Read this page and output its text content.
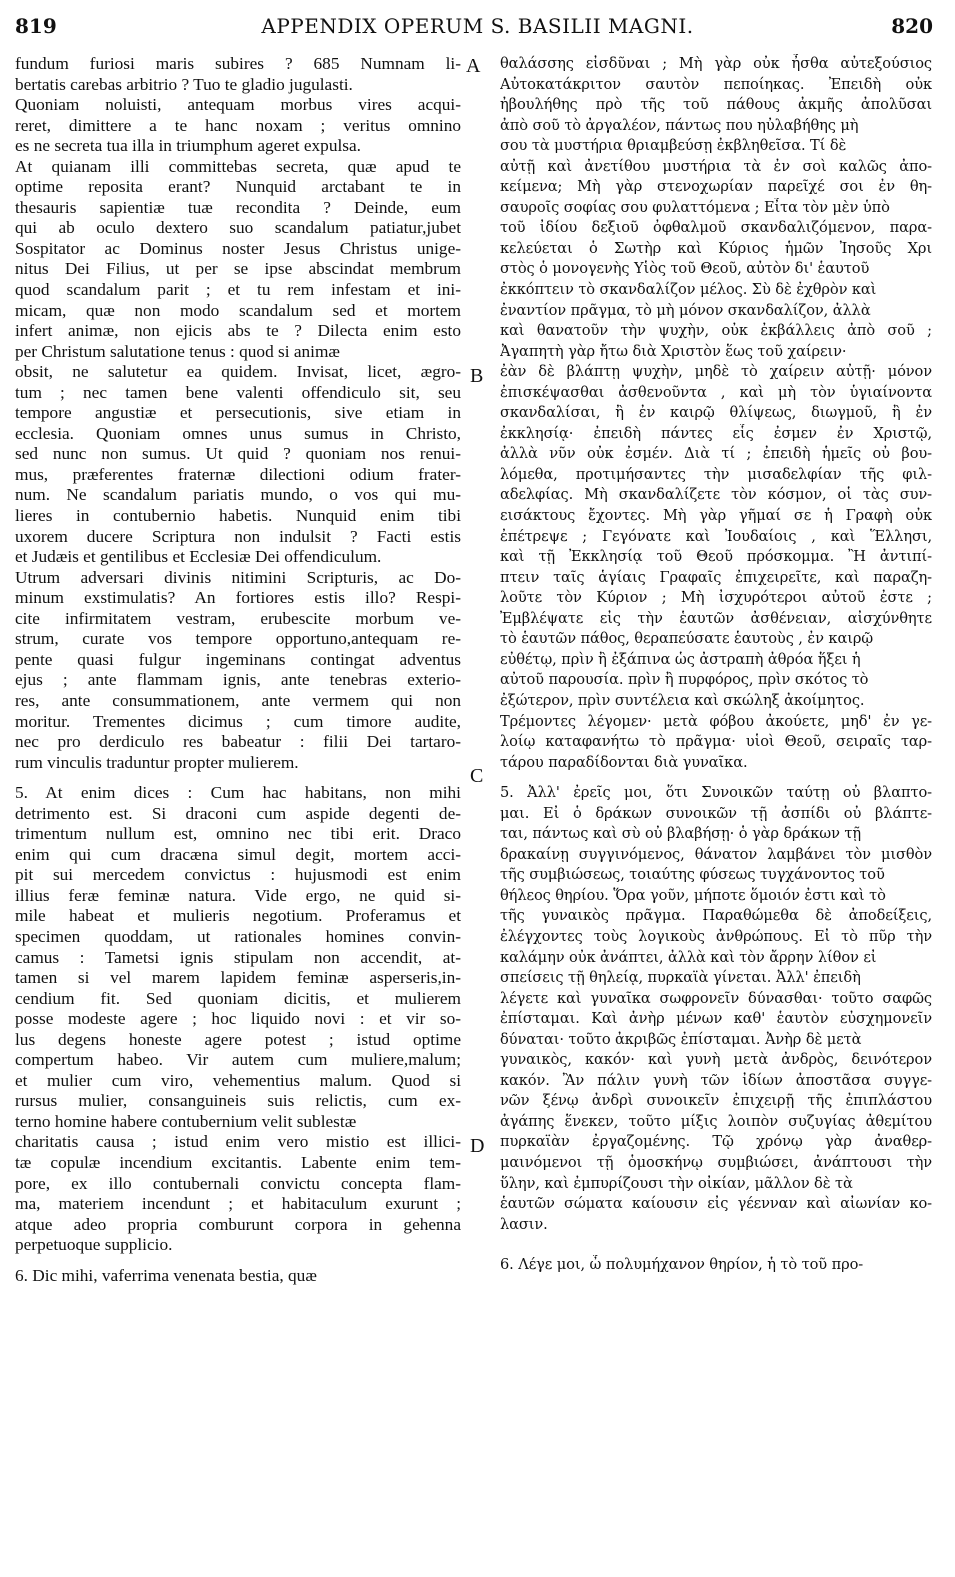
819	APPENDIX OPERUM S. BASILII MAGNI.	820
fundum furiosi maris subires ? 685 Numnam li-
bertatis carebas arbitrio ? Tuo te gladio jugulasti.
Quoniam noluisti, antequam morbus vires acqui-
reret, dimittere a te hanc noxam ; veritus omnino
es ne secreta tua illa in triumphum ageret expulsa.
At quianam illi committebas secreta, quæ apud te
optime reposita erant? Nunquid arctabant te in
thesauris sapientiæ tuæ recondita ? Deinde, eum
qui ab oculo dextero suo scandalum patiatur,jubet
Sospitator ac Dominus noster Jesus Christus unige-
nitus Dei Filius, ut per se ipse abscindat membrum
quod scandalum parit ; et tu rem infestam et ini-
micam, quæ non modo scandalum sed et mortem
infert animæ, non ejicis abs te ? Dilecta enim esto
per Christum salutatione tenus : quod si animæ
obsit, ne salutetur ea quidem. Invisat, licet, ægro-
tum ; nec tamen bene valenti offendiculo sit, seu
tempore angustiæ et persecutionis, sive etiam in
ecclesia. Quoniam omnes unus sumus in Christo,
sed nunc non sumus. Ut quid ? quoniam nos renui-
mus, præferentes fraternæ dilectioni odium frater-
num. Ne scandalum pariatis mundo, o vos qui mu-
lieres in contubernio habetis. Nunquid enim tibi
uxorem ducere Scriptura non indulsit ? Facti estis
et Judæis et gentilibus et Ecclesiæ Dei offendiculum.
Utrum adversari divinis nitimini Scripturis, ac Do-
minum exstimulatis? An fortiores estis illo? Respi-
cite infirmitatem vestram, erubescite morbum ve-
strum, curate vos tempore opportuno,antequam re-
pente quasi fulgur ingeminans contingat adventus
ejus ; ante flammam ignis, ante tenebras exterio-
res, ante consummationem, ante vermem qui non
moritur. Trementes dicimus ; cum timore audite,
nec pro derdiculo res babeatur : filii Dei tartaro-
rum vinculis traduntur propter mulierem.
5. At enim dices : Cum hac habitans, non mihi
detrimento est. Si draconi cum aspide degenti de-
trimentum nullum est, omnino nec tibi erit. Draco
enim qui cum dracæna simul degit, mortem acci-
pit sui mercedem convictus : hujusmodi est enim
illius feræ feminæ natura. Vide ergo, ne quid si-
mile habeat et mulieris negotium. Proferamus et
specimen quoddam, ut rationales homines convin-
camus : Tametsi ignis stipulam non accendit, at-
tamen si vel marem lapidem feminæ asperseris,in-
cendium fit. Sed quoniam dicitis, et mulierem
posse modeste agere ; hoc liquido novi : et vir so-
lus degens honeste agere potest ; istud optime
compertum habeo. Vir autem cum muliere,malum;
et mulier cum viro, vehementius malum. Quod si
rursus mulier, consanguineis suis relictis, cum ex-
terno homine habere contubernium velit sublestæ
charitatis causa ; istud enim vero mistio est illici-
tæ copulæ incendium excitantis. Labente enim tem-
pore, ex illo contubernali convictu concepta flam-
ma, materiem incendunt ; et habitaculum exurunt ;
atque adeo propria comburunt corpora in gehenna
perpetuoque supplicio.
6. Dic mihi, vaferrima venenata bestia, quæ
θαλάσσης εἰσδῦναι ; Μὴ γὰρ οὐκ ἦσθα αὐτεξούσιος
Αὐτοκατάκριτον σαυτὸν πεποίηκας. Ἐπειδὴ οὐκ
ἠβουλήθης πρὸ τῆς τοῦ πάθους ἀκμῆς ἀπολῦσαι
ἀπὸ σοῦ τὸ ἀργαλέον, πάντως που ηὐλαβήθης μὴ
σου τὰ μυστήρια θριαμβεύσῃ ἐκβληθεῖσα. Τί δὲ
αὐτῇ καὶ ἀνετίθου μυστήρια τὰ ἐν σοὶ καλῶς ἀπο-
κείμενα; Μὴ γὰρ στενοχωρίαν παρεῖχέ σοι ἐν θη-
σαυροῖς σοφίας σου φυλαττόμενα ; Εἶτα τὸν μὲν ὑπὸ
τοῦ ἰδίου δεξιοῦ ὀφθαλμοῦ σκανδαλιζόμενον, παρα-
κελεύεται ὁ Σωτὴρ καὶ Κύριος ἡμῶν Ἰησοῦς Χρι
στὸς ὁ μονογενὴς Υἱὸς τοῦ Θεοῦ, αὐτὸν δι' ἑαυτοῦ
ἐκκόπτειν τὸ σκανδαλίζον μέλος. Σὺ δὲ ἐχθρὸν καὶ
ἐναντίον πρᾶγμα, τὸ μὴ μόνον σκανδαλίζον, ἀλλὰ
καὶ θανατοῦν τὴν ψυχὴν, οὐκ ἐκβάλλεις ἀπὸ σοῦ ;
Ἀγαπητὴ γὰρ ἤτω διὰ Χριστὸν ἕως τοῦ χαίρειν·
ἐὰν δὲ βλάπτῃ ψυχὴν, μηδὲ τὸ χαίρειν αὐτῇ· μόνον
ἐπισκέψασθαι ἀσθενοῦντα , καὶ μὴ τὸν ὑγιαίνοντα
σκανδαλίσαι, ἢ ἐν καιρῷ θλίψεως, διωγμοῦ, ἢ ἐν
ἐκκλησίᾳ· ἐπειδὴ πάντες εἷς ἐσμεν ἐν Χριστῷ,
ἀλλὰ νῦν οὐκ ἐσμέν. Διὰ τί ; ἐπειδὴ ἡμεῖς οὐ βου-
λόμεθα, προτιμήσαντες τὴν μισαδελφίαν τῆς φιλ-
αδελφίας. Μὴ σκανδαλίζετε τὸν κόσμον, οἱ τὰς συν-
εισάκτους ἔχοντες. Μὴ γὰρ γῆμαί σε ἡ Γραφὴ οὐκ
ἐπέτρεψε ; Γεγόνατε καὶ Ἰουδαίοις , καὶ Ἕλλησι,
καὶ τῇ Ἐκκλησίᾳ τοῦ Θεοῦ πρόσκομμα. Ἢ ἀντιπί-
πτειν ταῖς ἁγίαις Γραφαῖς ἐπιχειρεῖτε, καὶ παραζη-
λοῦτε τὸν Κύριον ; Μὴ ἰσχυρότεροι αὐτοῦ ἐστε ;
Ἐμβλέψατε εἰς τὴν ἑαυτῶν ἀσθένειαν, αἰσχύνθητε
τὸ ἑαυτῶν πάθος, θεραπεύσατε ἑαυτοὺς , ἐν καιρῷ
εὐθέτῳ, πρὶν ἢ ἐξάπινα ὡς ἀστραπὴ ἀθρόα ἥξει ἡ
αὐτοῦ παρουσία. πρὶν ἢ πυρφόρος, πρὶν σκότος τὸ
ἐξώτερον, πρὶν συντέλεια καὶ σκώληξ ἀκοίμητος.
Τρέμοντες λέγομεν· μετὰ φόβου ἀκούετε, μηδ' ἐν γε-
λοίῳ καταφανήτω τὸ πρᾶγμα· υἱοὶ Θεοῦ, σειραῖς ταρ-
τάρου παραδίδονται διὰ γυναῖκα.
5. Ἀλλ' ἐρεῖς μοι, ὅτι Συνοικῶν ταύτῃ οὐ βλαπτο-
μαι. Εἰ ὁ δράκων συνοικῶν τῇ ἀσπίδι οὐ βλάπτε-
ται, πάντως καὶ σὺ οὐ βλαβήσῃ· ὁ γὰρ δράκων τῇ
δρακαίνῃ συγγινόμενος, θάνατον λαμβάνει τὸν μισθὸν
τῆς συμβιώσεως, τοιαύτης φύσεως τυγχάνοντος τοῦ
θήλεος θηρίου. Ὅρα γοῦν, μήποτε ὅμοιόν ἐστι καὶ τὸ
τῆς γυναικὸς πρᾶγμα. Παραθώμεθα δὲ ἀποδείξεις,
ἐλέγχοντες τοὺς λογικοὺς ἀνθρώπους. Εἰ τὸ πῦρ τὴν
καλάμην οὐκ ἀνάπτει, ἀλλὰ καὶ τὸν ἄρρην λίθον εἰ
σπείσεις τῇ θηλείᾳ, πυρκαϊὰ γίνεται. Ἀλλ' ἐπειδὴ
λέγετε καὶ γυναῖκα σωφρονεῖν δύνασθαι· τοῦτο σαφῶς
ἐπίσταμαι. Καὶ ἀνὴρ μένων καθ' ἑαυτὸν εὐσχημονεῖν
δύναται· τοῦτο ἀκριβῶς ἐπίσταμαι. Ἀνὴρ δὲ μετὰ
γυναικὸς, κακόν· καὶ γυνὴ μετὰ ἀνδρὸς, δεινότερον
κακόν. Ἂν πάλιν γυνὴ τῶν ἰδίων ἀποστᾶσα συγγε-
νῶν ξένῳ ἀνδρὶ συνοικεῖν ἐπιχειρῇ τῆς ἐπιπλάστου
ἀγάπης ἕνεκεν, τοῦτο μίξις λοιπὸν συζυγίας ἀθεμίτου
πυρκαϊὰν ἐργαζομένης. Τῷ χρόνῳ γὰρ ἀναθερ-
μαινόμενοι τῇ ὁμοσκήνῳ συμβιώσει, ἀνάπτουσι τὴν
ὕλην, καὶ ἐμπυρίζουσι τὴν οἰκίαν, μᾶλλον δὲ τὰ
ἑαυτῶν σώματα καίουσιν εἰς γέενναν καὶ αἰωνίαν κο-
λασιν.
6. Λέγε μοι, ὦ πολυμήχανον θηρίον, ἡ τὸ τοῦ προ-
A
B
C
D
